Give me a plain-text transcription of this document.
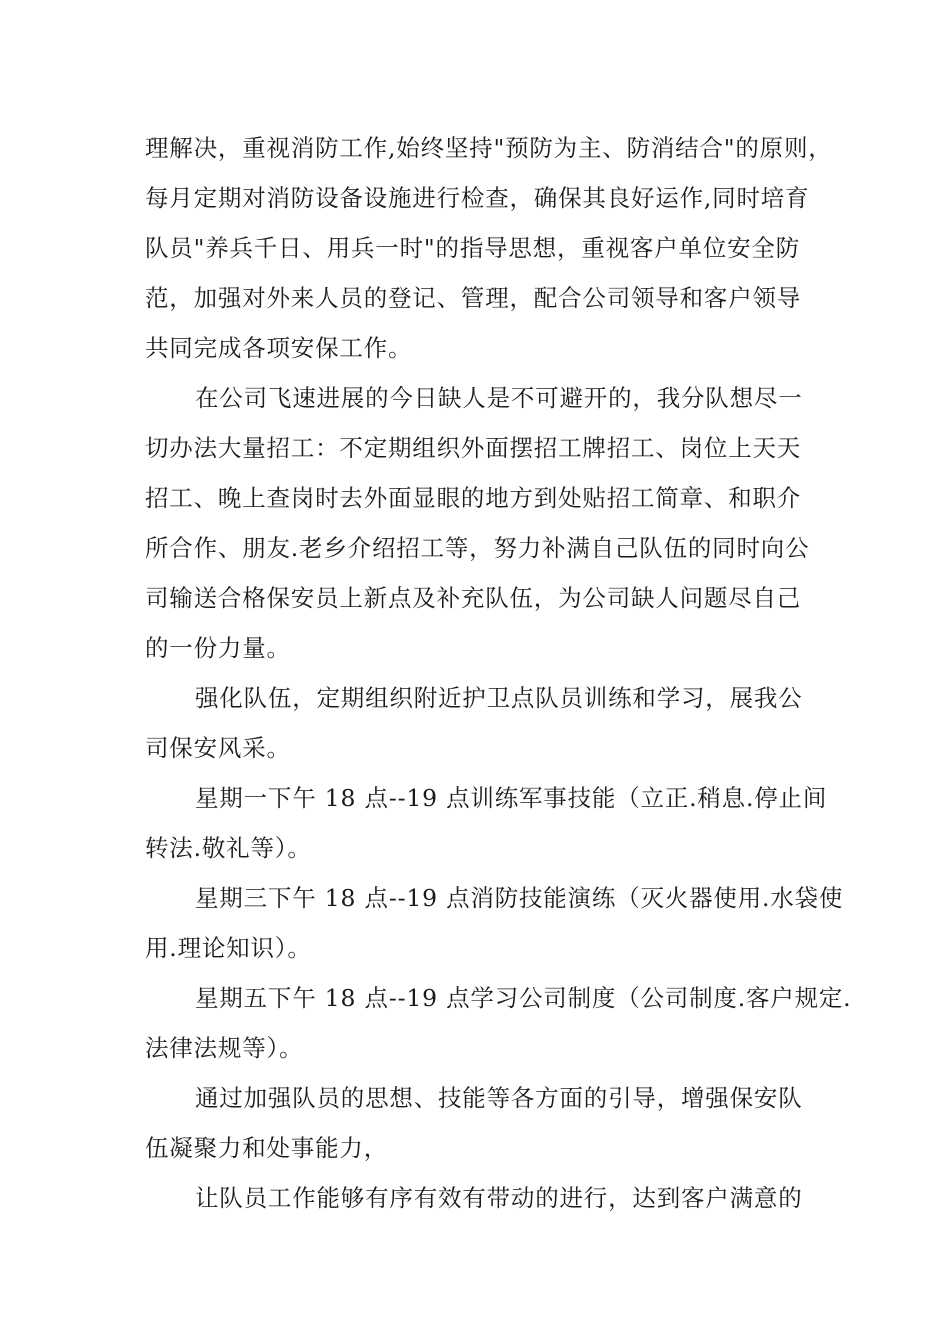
理解决，重视消防工作,始终坚持"预防为主、防消结合"的原则，
每月定期对消防设备设施进行检查，确保其良好运作,同时培育
队员"养兵千日、用兵一时"的指导思想，重视客户单位安全防
范，加强对外来人员的登记、管理，配合公司领导和客户领导
共同完成各项安保工作。
在公司飞速进展的今日缺人是不可避开的，我分队想尽一
切办法大量招工：不定期组织外面摆招工牌招工、岗位上天天
招工、晚上查岗时去外面显眼的地方到处贴招工简章、和职介
所合作、朋友.老乡介绍招工等，努力补满自己队伍的同时向公
司输送合格保安员上新点及补充队伍，为公司缺人问题尽自己
的一份力量。
强化队伍，定期组织附近护卫点队员训练和学习，展我公
司保安风采。
星期一下午 18 点--19 点训练军事技能（立正.稍息.停止间
转法.敬礼等）。
星期三下午 18 点--19 点消防技能演练（灭火器使用.水袋使
用.理论知识）。
星期五下午 18 点--19 点学习公司制度（公司制度.客户规定.
法律法规等）。
通过加强队员的思想、技能等各方面的引导，增强保安队
伍凝聚力和处事能力，
让队员工作能够有序有效有带动的进行，达到客户满意的
